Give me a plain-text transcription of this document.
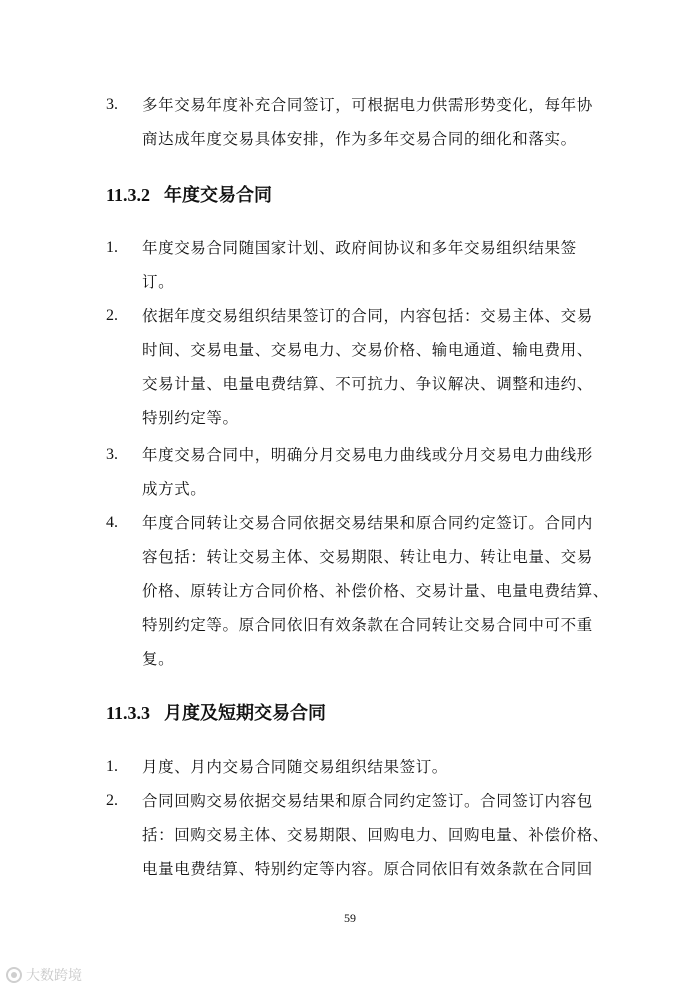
3. 多年交易年度补充合同签订，可根据电力供需形势变化，每年协
商达成年度交易具体安排，作为多年交易合同的细化和落实。
11.3.2 年度交易合同
1. 年度交易合同随国家计划、政府间协议和多年交易组织结果签
订。
2. 依据年度交易组织结果签订的合同，内容包括：交易主体、交易
时间、交易电量、交易电力、交易价格、输电通道、输电费用、
交易计量、电量电费结算、不可抗力、争议解决、调整和违约、
特别约定等。
3. 年度交易合同中，明确分月交易电力曲线或分月交易电力曲线形
成方式。
4. 年度合同转让交易合同依据交易结果和原合同约定签订。合同内
容包括：转让交易主体、交易期限、转让电力、转让电量、交易
价格、原转让方合同价格、补偿价格、交易计量、电量电费结算、
特别约定等。原合同依旧有效条款在合同转让交易合同中可不重
复。
11.3.3 月度及短期交易合同
1. 月度、月内交易合同随交易组织结果签订。
2. 合同回购交易依据交易结果和原合同约定签订。合同签订内容包
括：回购交易主体、交易期限、回购电力、回购电量、补偿价格、
电量电费结算、特别约定等内容。原合同依旧有效条款在合同回
59
大数跨境
